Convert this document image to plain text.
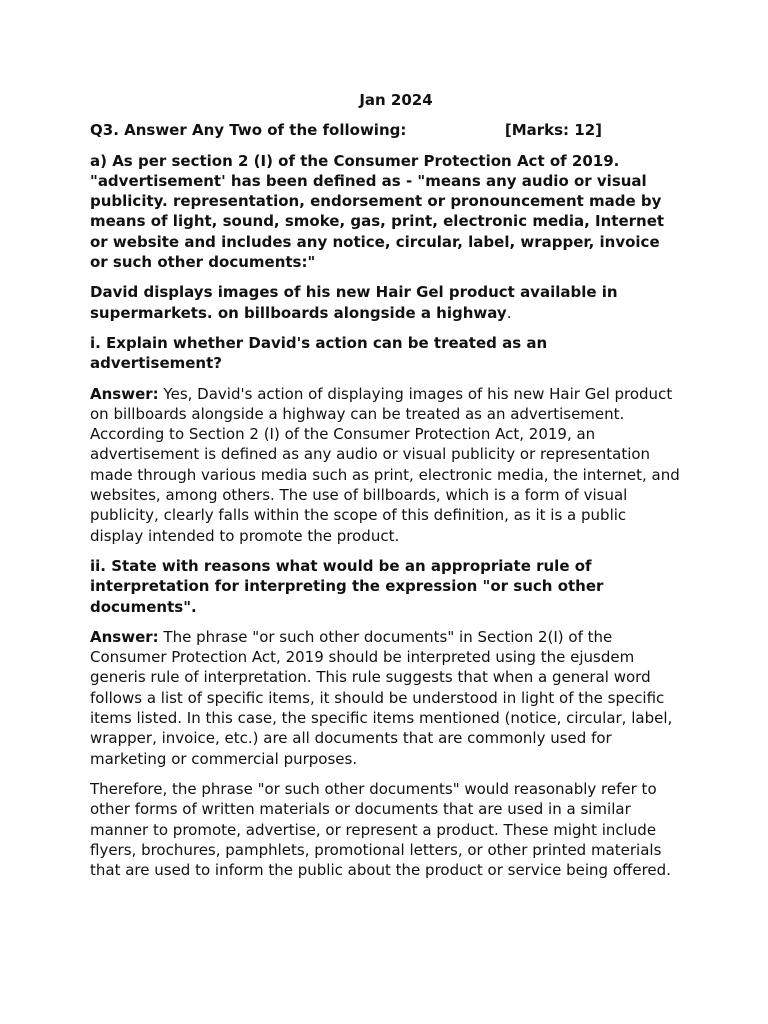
Jan 2024
Q3. Answer Any Two of the following:	[Marks: 12]

a) As per section 2 (I) of the Consumer Protection Act of 2019. "advertisement' has been defined as - "means any audio or visual publicity. representation, endorsement or pronouncement made by means of light, sound, smoke, gas, print, electronic media, Internet or website and includes any notice, circular, label, wrapper, invoice or such other documents:"

David displays images of his new Hair Gel product available in supermarkets. on billboards alongside a highway.

i. Explain whether David's action can be treated as an advertisement?

Answer: Yes, David's action of displaying images of his new Hair Gel product on billboards alongside a highway can be treated as an advertisement. According to Section 2 (I) of the Consumer Protection Act, 2019, an advertisement is defined as any audio or visual publicity or representation made through various media such as print, electronic media, the internet, and websites, among others. The use of billboards, which is a form of visual publicity, clearly falls within the scope of this definition, as it is a public display intended to promote the product.

ii. State with reasons what would be an appropriate rule of interpretation for interpreting the expression "or such other documents".

Answer: The phrase "or such other documents" in Section 2(I) of the Consumer Protection Act, 2019 should be interpreted using the ejusdem generis rule of interpretation. This rule suggests that when a general word follows a list of specific items, it should be understood in light of the specific items listed. In this case, the specific items mentioned (notice, circular, label, wrapper, invoice, etc.) are all documents that are commonly used for marketing or commercial purposes.

Therefore, the phrase "or such other documents" would reasonably refer to other forms of written materials or documents that are used in a similar manner to promote, advertise, or represent a product. These might include flyers, brochures, pamphlets, promotional letters, or other printed materials that are used to inform the public about the product or service being offered.
